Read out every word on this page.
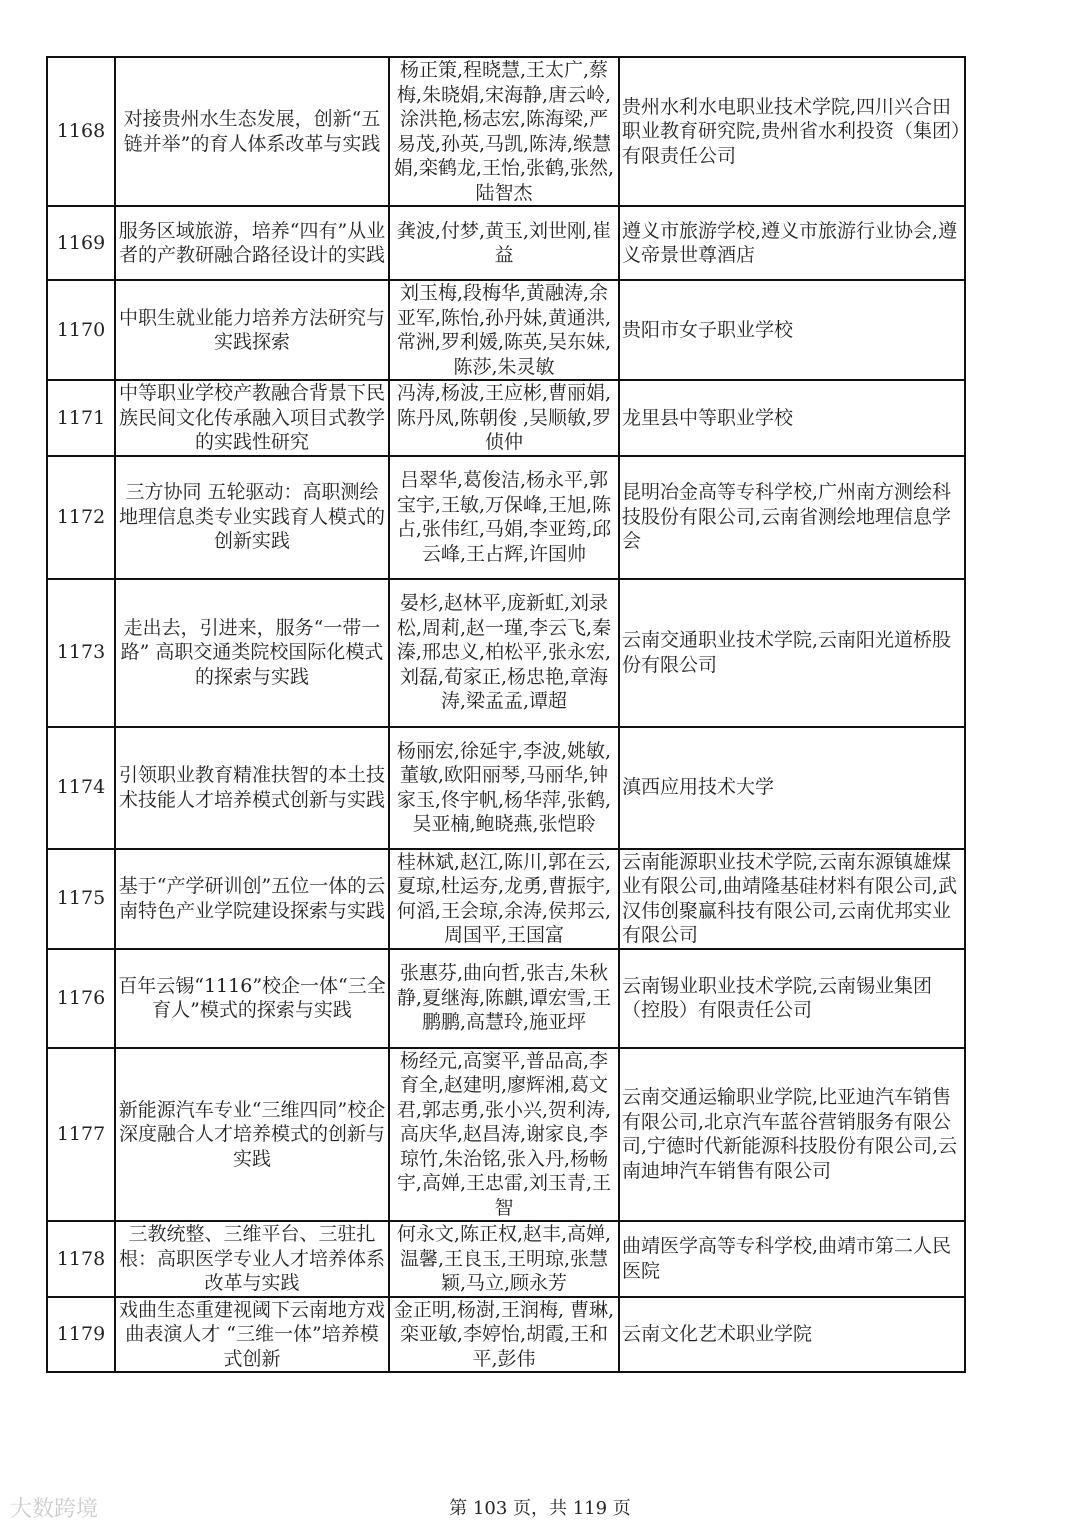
1168	对接贵州水生态发展，创新“五链并举”的育人体系改革与实践	杨正策,程晓慧,王太广,蔡梅,朱晓娟,宋海静,唐云岭,涂洪艳,杨志宏,陈海梁,严易茂,孙英,马凯,陈涛,缑慧娟,栾鹤龙,王怡,张鹤,张然,陆智杰	贵州水利水电职业技术学院,四川兴合田职业教育研究院,贵州省水利投资（集团）有限责任公司
1169	服务区域旅游，培养“四有”从业者的产教研融合路径设计的实践	龚波,付梦,黄玉,刘世刚,崔益	遵义市旅游学校,遵义市旅游行业协会,遵义帝景世尊酒店
1170	中职生就业能力培养方法研究与实践探索	刘玉梅,段梅华,黄融涛,余亚军,陈怡,孙丹妹,黄通洪,常洲,罗利媛,陈英,吴东妹,陈莎,朱灵敏	贵阳市女子职业学校
1171	中等职业学校产教融合背景下民族民间文化传承融入项目式教学的实践性研究	冯涛,杨波,王应彬,曹丽娟,陈丹凤,陈朝俊 ,吴顺敏,罗侦仲	龙里县中等职业学校
1172	三方协同 五轮驱动：高职测绘地理信息类专业实践育人模式的创新实践	吕翠华,葛俊洁,杨永平,郭宝宇,王敏,万保峰,王旭,陈占,张伟红,马娟,李亚筠,邱云峰,王占辉,许国帅	昆明冶金高等专科学校,广州南方测绘科技股份有限公司,云南省测绘地理信息学会
1173	走出去，引进来，服务“一带一路” 高职交通类院校国际化模式的探索与实践	晏杉,赵林平,庞新虹,刘录松,周莉,赵一瑾,李云飞,秦溱,邢忠义,柏松平,张永宏,刘磊,荀家正,杨忠艳,章海涛,梁孟孟,谭超	云南交通职业技术学院,云南阳光道桥股份有限公司
1174	引领职业教育精准扶智的本土技术技能人才培养模式创新与实践	杨丽宏,徐延宇,李波,姚敏,董敏,欧阳丽琴,马丽华,钟家玉,佟宇帆,杨华萍,张鹤,吴亚楠,鲍晓燕,张恺聆	滇西应用技术大学
1175	基于“产学研训创”五位一体的云南特色产业学院建设探索与实践	桂林斌,赵江,陈川,郭在云,夏琼,杜运夯,龙勇,曹振宇,何滔,王会琼,余涛,侯邦云,周国平,王国富	云南能源职业技术学院,云南东源镇雄煤业有限公司,曲靖隆基硅材料有限公司,武汉伟创聚赢科技有限公司,云南优邦实业有限公司
1176	百年云锡“1116”校企一体“三全育人”模式的探索与实践	张惠芬,曲向哲,张吉,朱秋静,夏继海,陈麒,谭宏雪,王鹏鹏,高慧玲,施亚坪	云南锡业职业技术学院,云南锡业集团（控股）有限责任公司
1177	新能源汽车专业“三维四同”校企深度融合人才培养模式的创新与实践	杨经元,高窦平,普品高,李育全,赵建明,廖辉湘,葛文君,郭志勇,张小兴,贺利涛,高庆华,赵昌涛,谢家良,李琼竹,朱治铭,张入丹,杨畅宇,高婵,王忠雷,刘玉青,王智	云南交通运输职业学院,比亚迪汽车销售有限公司,北京汽车蓝谷营销服务有限公司,宁德时代新能源科技股份有限公司,云南迪坤汽车销售有限公司
1178	三教统整、三维平台、三驻扎根：高职医学专业人才培养体系改革与实践	何永文,陈正权,赵丰,高婵,温馨,王良玉,王明琼,张慧颖,马立,顾永芳	曲靖医学高等专科学校,曲靖市第二人民医院
1179	戏曲生态重建视阈下云南地方戏曲表演人才 “三维一体”培养模式创新	金正明,杨澍,王润梅, 曹琳,栾亚敏,李婷怡,胡霞,王和平,彭伟	云南文化艺术职业学院
大数跨境	第 103 页，共 119 页
